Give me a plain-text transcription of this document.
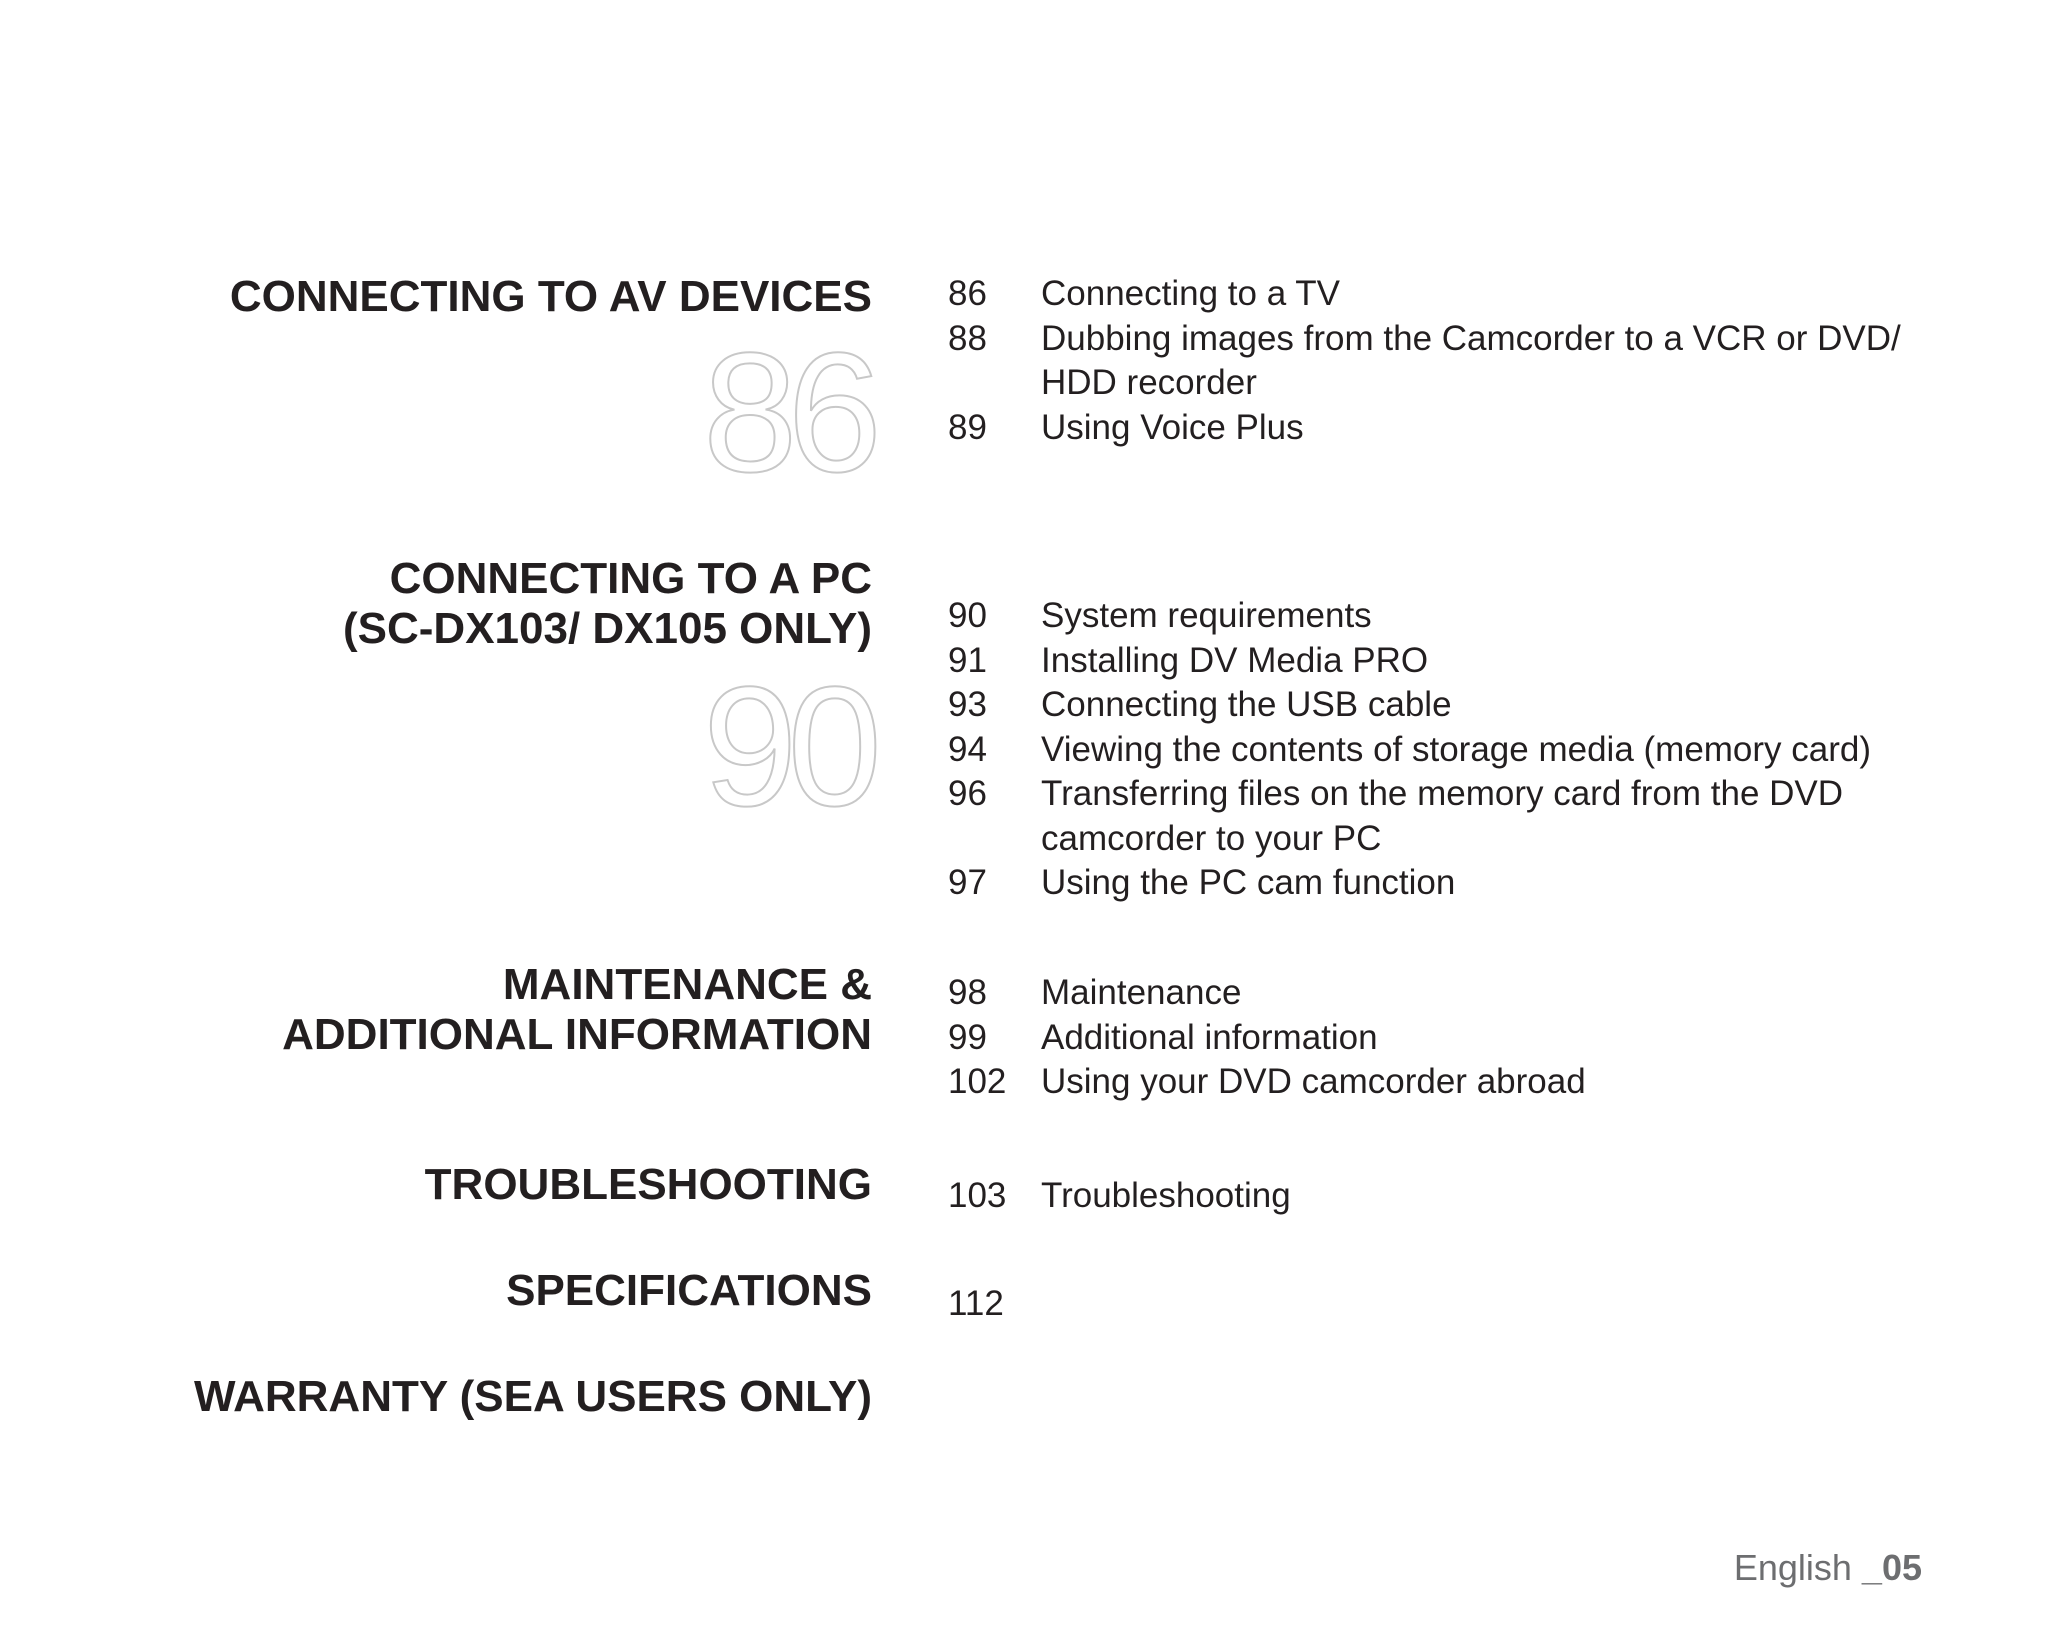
CONNECTING TO AV DEVICES
86
86	Connecting to a TV
88	Dubbing images from the Camcorder to a VCR or DVD/ HDD recorder
89	Using Voice Plus
CONNECTING TO A PC
(SC-DX103/ DX105 ONLY)
90
90	System requirements
91	Installing DV Media PRO
93	Connecting the USB cable
94	Viewing the contents of storage media (memory card)
96	Transferring files on the memory card from the DVD camcorder to your PC
97	Using the PC cam function
MAINTENANCE &
ADDITIONAL INFORMATION
98	Maintenance
99	Additional information
102 Using your DVD camcorder abroad
TROUBLESHOOTING 103 Troubleshooting
SPECIFICATIONS 112
WARRANTY (SEA USERS ONLY)
English _05
